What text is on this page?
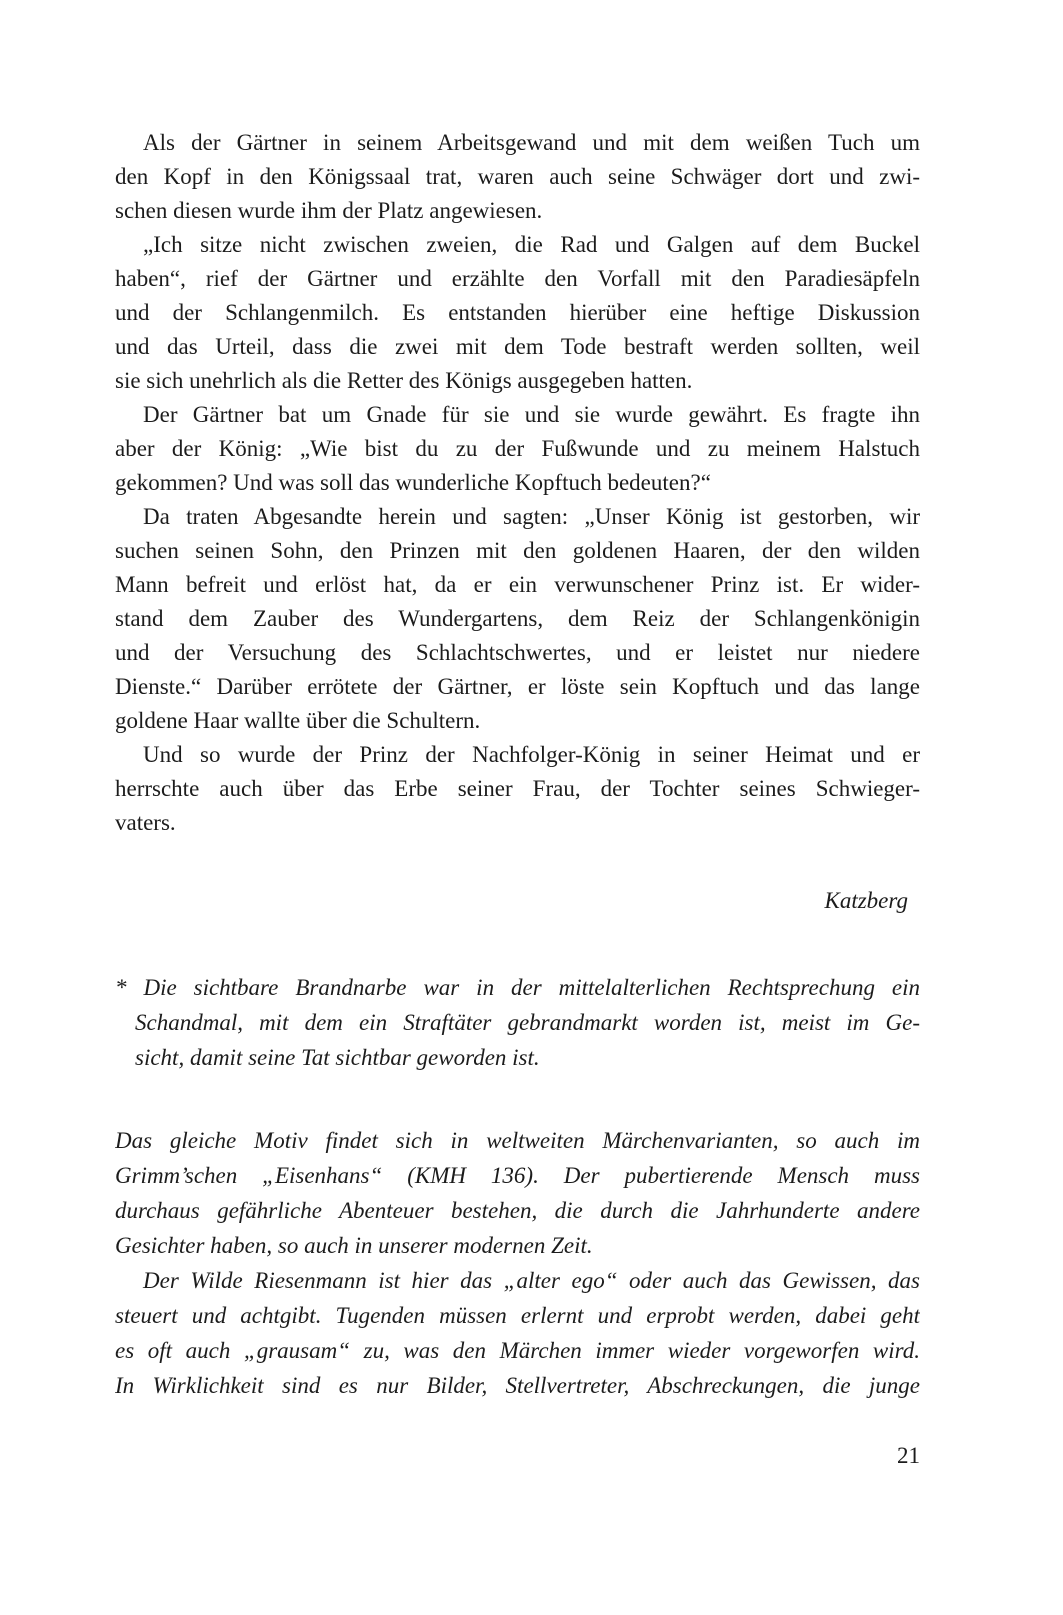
Als der Gärtner in seinem Arbeitsgewand und mit dem weißen Tuch um
den Kopf in den Königssaal trat, waren auch seine Schwäger dort und zwi-
schen diesen wurde ihm der Platz angewiesen.

„Ich sitze nicht zwischen zweien, die Rad und Galgen auf dem Buckel
haben“, rief der Gärtner und erzählte den Vorfall mit den Paradiesäpfeln
und der Schlangenmilch. Es entstanden hierüber eine heftige Diskussion
und das Urteil, dass die zwei mit dem Tode bestraft werden sollten, weil
sie sich unehrlich als die Retter des Königs ausgegeben hatten.

Der Gärtner bat um Gnade für sie und sie wurde gewährt. Es fragte ihn
aber der König: „Wie bist du zu der Fußwunde und zu meinem Halstuch
gekommen? Und was soll das wunderliche Kopftuch bedeuten?“

Da traten Abgesandte herein und sagten: „Unser König ist gestorben, wir
suchen seinen Sohn, den Prinzen mit den goldenen Haaren, der den wilden
Mann befreit und erlöst hat, da er ein verwunschener Prinz ist. Er wider-
stand dem Zauber des Wundergartens, dem Reiz der Schlangenkönigin
und der Versuchung des Schlachtschwertes, und er leistet nur niedere
Dienste.“ Darüber errötete der Gärtner, er löste sein Kopftuch und das lange
goldene Haar wallte über die Schultern.

Und so wurde der Prinz der Nachfolger-König in seiner Heimat und er
herrschte auch über das Erbe seiner Frau, der Tochter seines Schwieger-
vaters.

Katzberg

* Die sichtbare Brandnarbe war in der mittelalterlichen Rechtsprechung ein
Schandmal, mit dem ein Straftäter gebrandmarkt worden ist, meist im Ge-
sicht, damit seine Tat sichtbar geworden ist.

Das gleiche Motiv findet sich in weltweiten Märchenvarianten, so auch im
Grimm’schen „Eisenhans“ (KMH 136). Der pubertierende Mensch muss
durchaus gefährliche Abenteuer bestehen, die durch die Jahrhunderte andere
Gesichter haben, so auch in unserer modernen Zeit.

Der Wilde Riesenmann ist hier das „alter ego“ oder auch das Gewissen, das
steuert und achtgibt. Tugenden müssen erlernt und erprobt werden, dabei geht
es oft auch „grausam“ zu, was den Märchen immer wieder vorgeworfen wird.
In Wirklichkeit sind es nur Bilder, Stellvertreter, Abschreckungen, die junge

21
